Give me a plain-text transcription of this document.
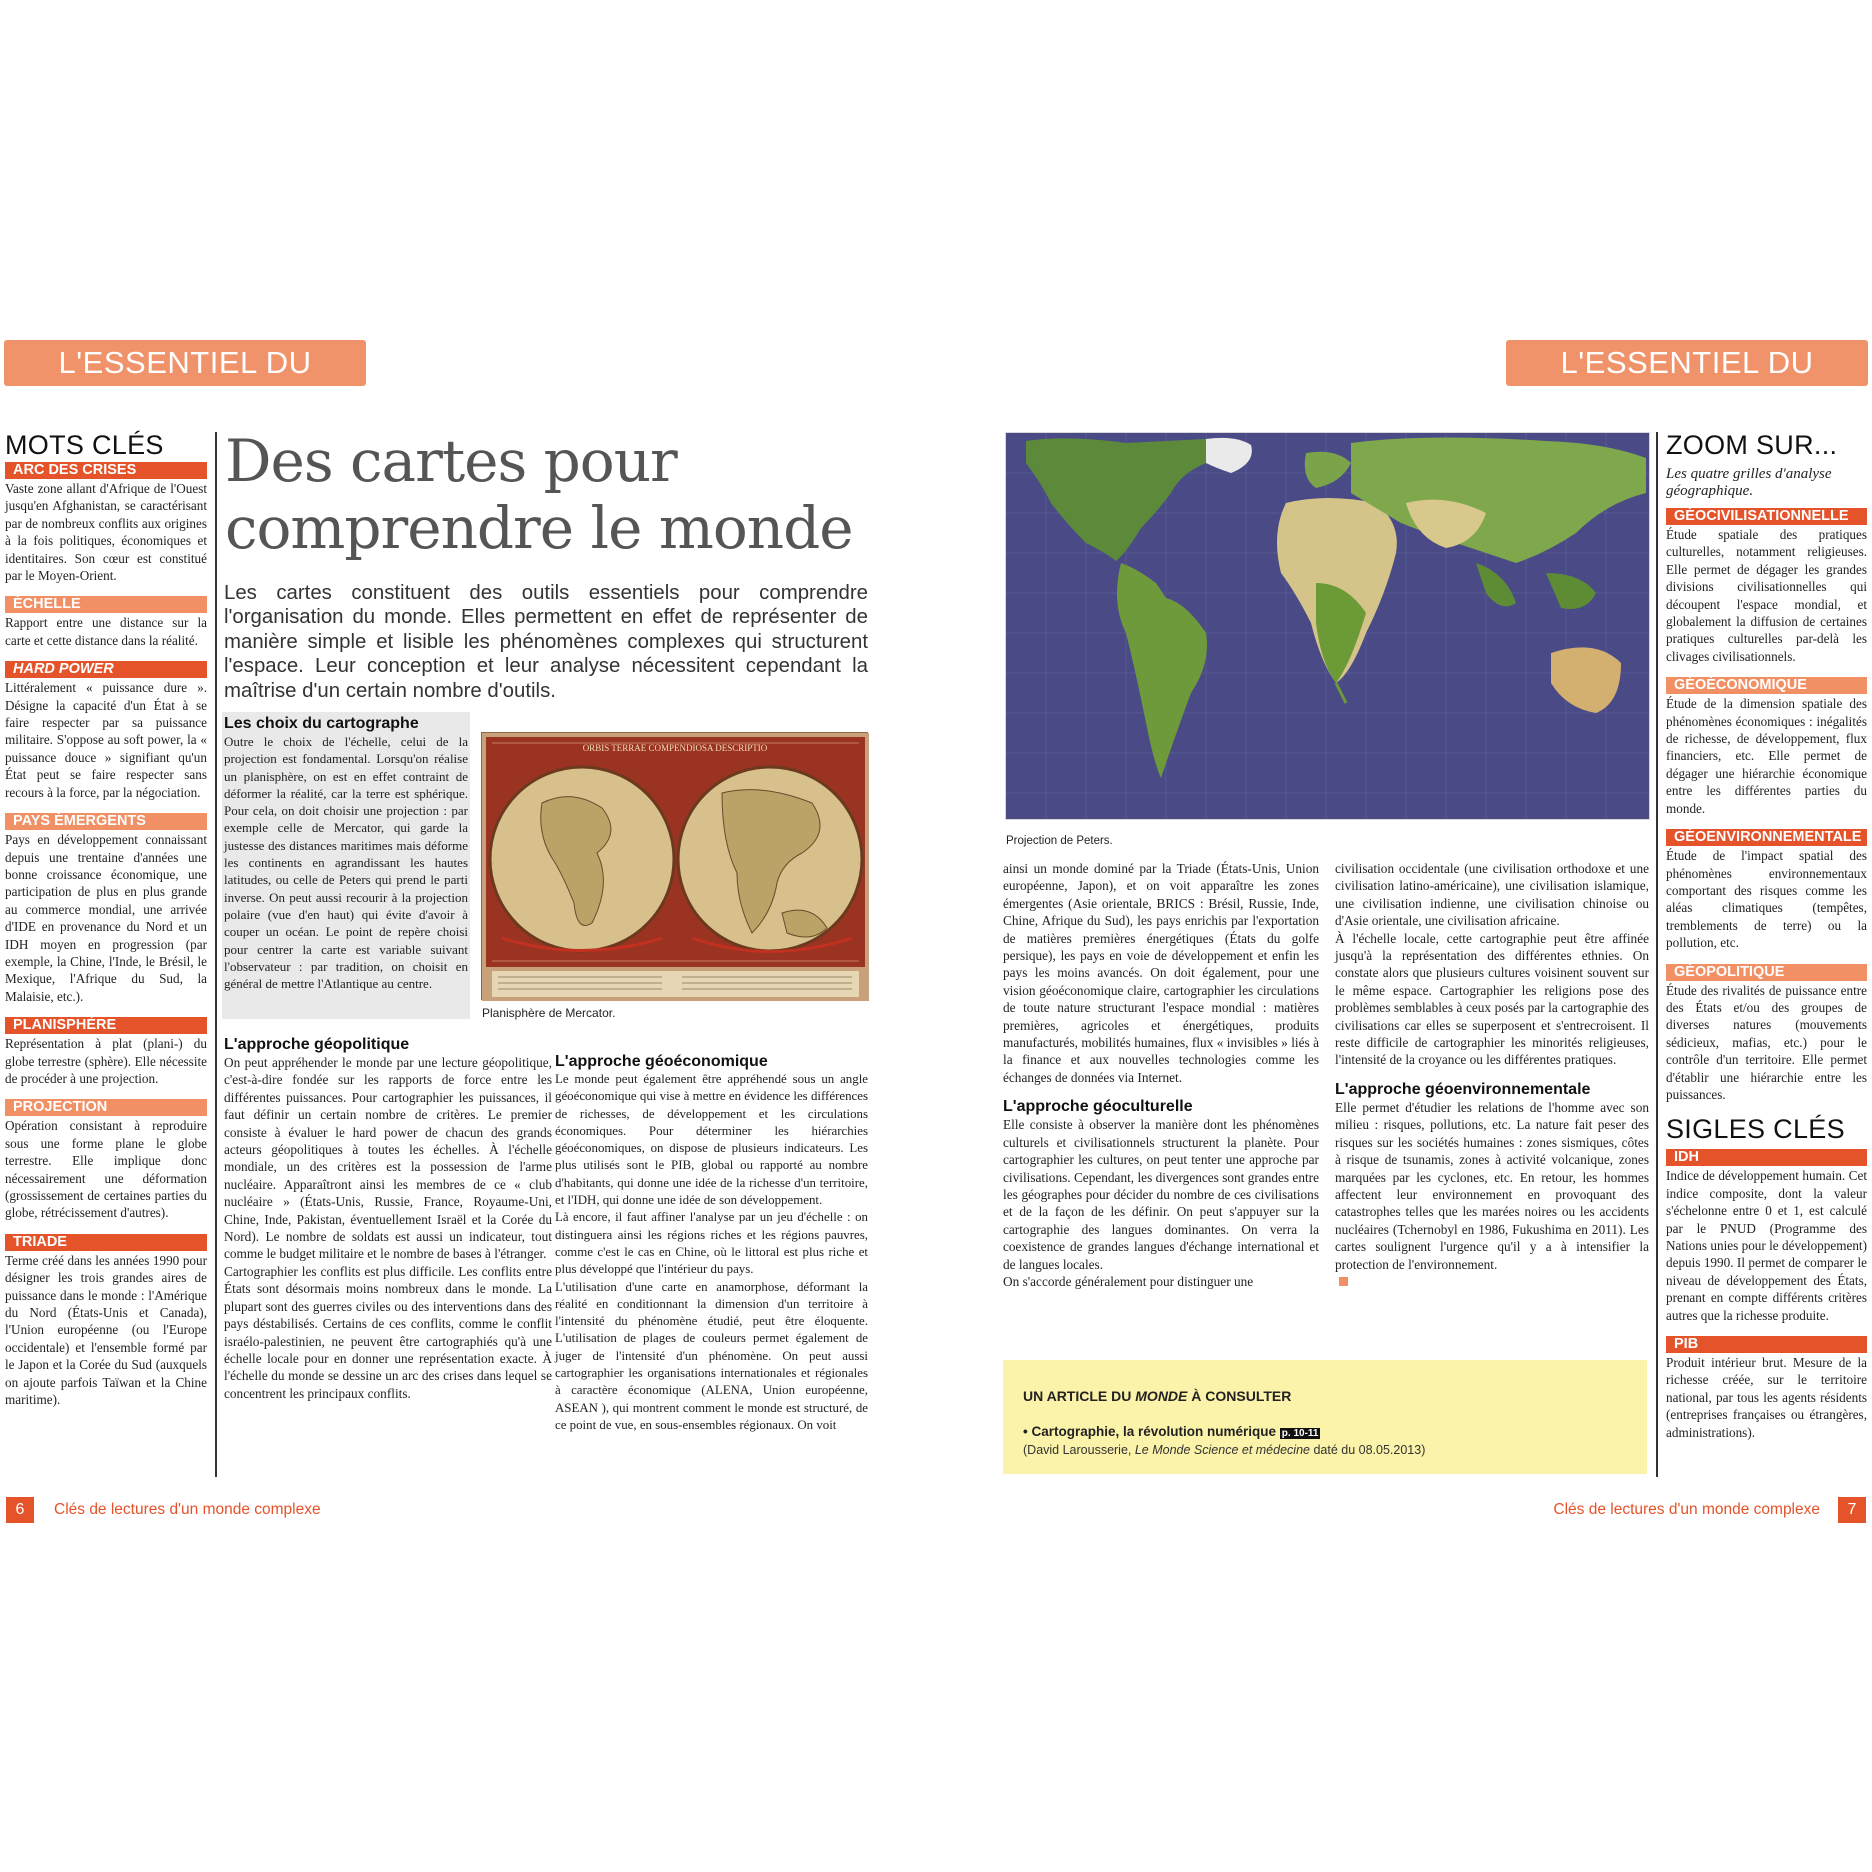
L'ESSENTIEL DU COURS
L'ESSENTIEL DU COURS
MOTS CLÉS
ARC DES CRISES
Vaste zone allant d'Afrique de l'Ouest jusqu'en Afghanistan, se caractérisant par de nombreux conflits aux origines à la fois politiques, économiques et identitaires. Son cœur est constitué par le Moyen-Orient.
ÉCHELLE
Rapport entre une distance sur la carte et cette distance dans la réalité.
HARD POWER
Littéralement « puissance dure ». Désigne la capacité d'un État à se faire respecter par sa puissance militaire. S'oppose au soft power, la « puissance douce » signifiant qu'un État peut se faire respecter sans recours à la force, par la négociation.
PAYS ÉMERGENTS
Pays en développement connaissant depuis une trentaine d'années une bonne croissance économique, une participation de plus en plus grande au commerce mondial, une arrivée d'IDE en provenance du Nord et un IDH moyen en progression (par exemple, la Chine, l'Inde, le Brésil, le Mexique, l'Afrique du Sud, la Malaisie, etc.).
PLANISPHÈRE
Représentation à plat (plani-) du globe terrestre (sphère). Elle nécessite de procéder à une projection.
PROJECTION
Opération consistant à reproduire sous une forme plane le globe terrestre. Elle implique donc nécessairement une déformation (grossissement de certaines parties du globe, rétrécissement d'autres).
TRIADE
Terme créé dans les années 1990 pour désigner les trois grandes aires de puissance dans le monde : l'Amérique du Nord (États-Unis et Canada), l'Union européenne (ou l'Europe occidentale) et l'ensemble formé par le Japon et la Corée du Sud (auxquels on ajoute parfois Taïwan et la Chine maritime).
Des cartes pour
comprendre le monde
Les cartes constituent des outils essentiels pour comprendre l'organisation du monde. Elles permettent en effet de représenter de manière simple et lisible les phénomènes complexes qui structurent l'espace. Leur conception et leur analyse nécessitent cependant la maîtrise d'un certain nombre d'outils.
Les choix du cartographe
Outre le choix de l'échelle, celui de la projection est fondamental. Lorsqu'on réalise un planisphère, on est en effet contraint de déformer la réalité, car la terre est sphérique. Pour cela, on doit choisir une projection : par exemple celle de Mercator, qui garde la justesse des distances maritimes mais déforme les continents en agrandissant les hautes latitudes, ou celle de Peters qui prend le parti inverse. On peut aussi recourir à la projection polaire (vue d'en haut) qui évite d'avoir à couper un océan. Le point de repère choisi pour centrer la carte est variable suivant l'observateur : par tradition, on choisit en général de mettre l'Atlantique au centre.
ORBIS TERRAE COMPENDIOSA DESCRIPTIO
Planisphère de Mercator.
L'approche géopolitique
On peut appréhender le monde par une lecture géopolitique, c'est-à-dire fondée sur les rapports de force entre les différentes puissances. Pour cartographier les puissances, il faut définir un certain nombre de critères. Le premier consiste à évaluer le hard power de chacun des grands acteurs géopolitiques à toutes les échelles. À l'échelle mondiale, un des critères est la possession de l'arme nucléaire. Apparaîtront ainsi les membres de ce « club nucléaire » (États-Unis, Russie, France, Royaume-Uni, Chine, Inde, Pakistan, éventuellement Israël et la Corée du Nord). Le nombre de soldats est aussi un indicateur, tout comme le budget militaire et le nombre de bases à l'étranger.
Cartographier les conflits est plus difficile. Les conflits entre États sont désormais moins nombreux dans le monde. La plupart sont des guerres civiles ou des interventions dans des pays déstabilisés. Certains de ces conflits, comme le conflit israélo-palestinien, ne peuvent être cartographiés qu'à une échelle locale pour en donner une représentation exacte. À l'échelle du monde se dessine un arc des crises dans lequel se concentrent les principaux conflits.
L'approche géoéconomique
Le monde peut également être appréhendé sous un angle géoéconomique qui vise à mettre en évidence les différences de richesses, de développement et les circulations économiques. Pour déterminer les hiérarchies géoéconomiques, on dispose de plusieurs indicateurs. Les plus utilisés sont le PIB, global ou rapporté au nombre d'habitants, qui donne une idée de la richesse d'un territoire, et l'IDH, qui donne une idée de son développement.
Là encore, il faut affiner l'analyse par un jeu d'échelle : on distinguera ainsi les régions riches et les régions pauvres, comme c'est le cas en Chine, où le littoral est plus riche et plus développé que l'intérieur du pays.
L'utilisation d'une carte en anamorphose, déformant la réalité en conditionnant la dimension d'un territoire à l'intensité du phénomène étudié, peut être éloquente. L'utilisation de plages de couleurs permet également de juger de l'intensité d'un phénomène. On peut aussi cartographier les organisations internationales et régionales à caractère économique (ALENA, Union européenne, ASEAN ), qui montrent comment le monde est structuré, de ce point de vue, en sous-ensembles régionaux. On voit
6	Clés de lectures d'un monde complexe
Projection de Peters.
ainsi un monde dominé par la Triade (États-Unis, Union européenne, Japon), et on voit apparaître les zones émergentes (Asie orientale, BRICS : Brésil, Russie, Inde, Chine, Afrique du Sud), les pays enrichis par l'exportation de matières premières énergétiques (États du golfe persique), les pays en voie de développement et enfin les pays les moins avancés. On doit également, pour une vision géoéconomique claire, cartographier les circulations de toute nature structurant l'espace mondial : matières premières, agricoles et énergétiques, produits manufacturés, mobilités humaines, flux « invisibles » liés à la finance et aux nouvelles technologies comme les échanges de données via Internet.
L'approche géoculturelle
Elle consiste à observer la manière dont les phénomènes culturels et civilisationnels structurent la planète. Pour cartographier les cultures, on peut tenter une approche par civilisations. Cependant, les divergences sont grandes entre les géographes pour décider du nombre de ces civilisations et de la façon de les définir. On peut s'appuyer sur la cartographie des langues dominantes. On verra la coexistence de grandes langues d'échange international et de langues locales.
On s'accorde généralement pour distinguer une
civilisation occidentale (une civilisation orthodoxe et une civilisation latino-américaine), une civilisation islamique, une civilisation indienne, une civilisation chinoise ou d'Asie orientale, une civilisation africaine.
À l'échelle locale, cette cartographie peut être affinée jusqu'à la représentation des différentes ethnies. On constate alors que plusieurs cultures voisinent souvent sur le même espace. Cartographier les religions pose des problèmes semblables à ceux posés par la cartographie des civilisations car elles se superposent et s'entrecroisent. Il reste difficile de cartographier les minorités religieuses, l'intensité de la croyance ou les différentes pratiques.
L'approche géoenvironnementale
Elle permet d'étudier les relations de l'homme avec son milieu : risques, pollutions, etc. La nature fait peser des risques sur les sociétés humaines : zones sismiques, côtes à risque de tsunamis, zones à activité volcanique, zones marquées par les cyclones, etc. En retour, les hommes affectent leur environnement en provoquant des catastrophes telles que les marées noires ou les accidents nucléaires (Tchernobyl en 1986, Fukushima en 2011). Les cartes soulignent l'urgence qu'il y a à intensifier la protection de l'environnement.
UN ARTICLE DU MONDE À CONSULTER
• Cartographie, la révolution numérique p. 10-11
(David Larousserie, Le Monde Science et médecine daté du 08.05.2013)
ZOOM SUR...
Les quatre grilles d'analyse géographique.
GÉOCIVILISATIONNELLE
Étude spatiale des pratiques culturelles, notamment religieuses. Elle permet de dégager les grandes divisions civilisationnelles qui découpent l'espace mondial, et globalement la diffusion de certaines pratiques culturelles par-delà les clivages civilisationnels.
GÉOÉCONOMIQUE
Étude de la dimension spatiale des phénomènes économiques : inégalités de richesse, de développement, flux financiers, etc. Elle permet de dégager une hiérarchie économique entre les différentes parties du monde.
GÉOENVIRONNEMENTALE
Étude de l'impact spatial des phénomènes environnementaux comportant des risques comme les aléas climatiques (tempêtes, tremblements de terre) ou la pollution, etc.
GÉOPOLITIQUE
Étude des rivalités de puissance entre des États et/ou des groupes de diverses natures (mouvements sédicieux, mafias, etc.) pour le contrôle d'un territoire. Elle permet d'établir une hiérarchie entre les puissances.
SIGLES CLÉS
IDH
Indice de développement humain. Cet indice composite, dont la valeur s'échelonne entre 0 et 1, est calculé par le PNUD (Programme des Nations unies pour le développement) depuis 1990. Il permet de comparer le niveau de développement des États, prenant en compte différents critères autres que la richesse produite.
PIB
Produit intérieur brut. Mesure de la richesse créée, sur le territoire national, par tous les agents résidents (entreprises françaises ou étrangères, administrations).
Clés de lectures d'un monde complexe	7
